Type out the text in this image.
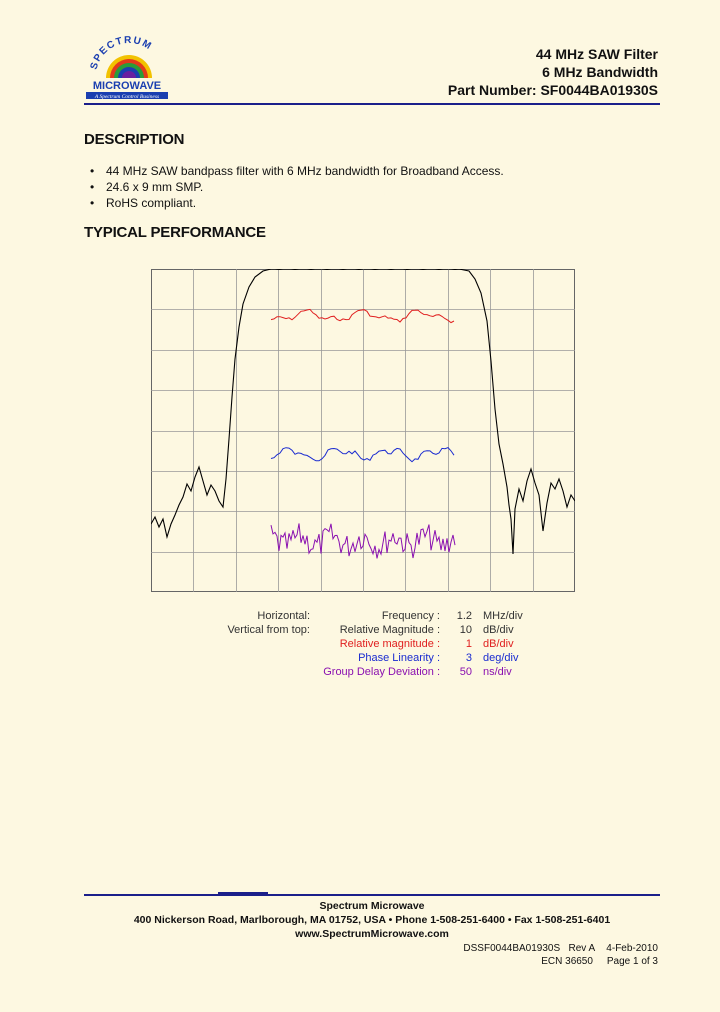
SPECTRUM
MICROWAVE
A Spectrum Control Business
44 MHz SAW Filter
6 MHz Bandwidth
Part Number: SF0044BA01930S
DESCRIPTION
• 44 MHz SAW bandpass filter with 6 MHz bandwidth for Broadband Access.
• 24.6 x 9 mm SMP.
• RoHS compliant.
TYPICAL PERFORMANCE
Horizontal:
Vertical from top:
Frequency :
Relative Magnitude :
Relative magnitude :
Phase Linearity :
Group Delay Deviation :
1.2
10
1
3
50
MHz/div
dB/div
dB/div
deg/div
ns/div
Spectrum Microwave
400 Nickerson Road, Marlborough, MA 01752, USA • Phone 1-508-251-6400 • Fax 1-508-251-6401
www.SpectrumMicrowave.com
DSSF0044BA01930S Rev A 4-Feb-2010
ECN 36650 Page 1 of 3
